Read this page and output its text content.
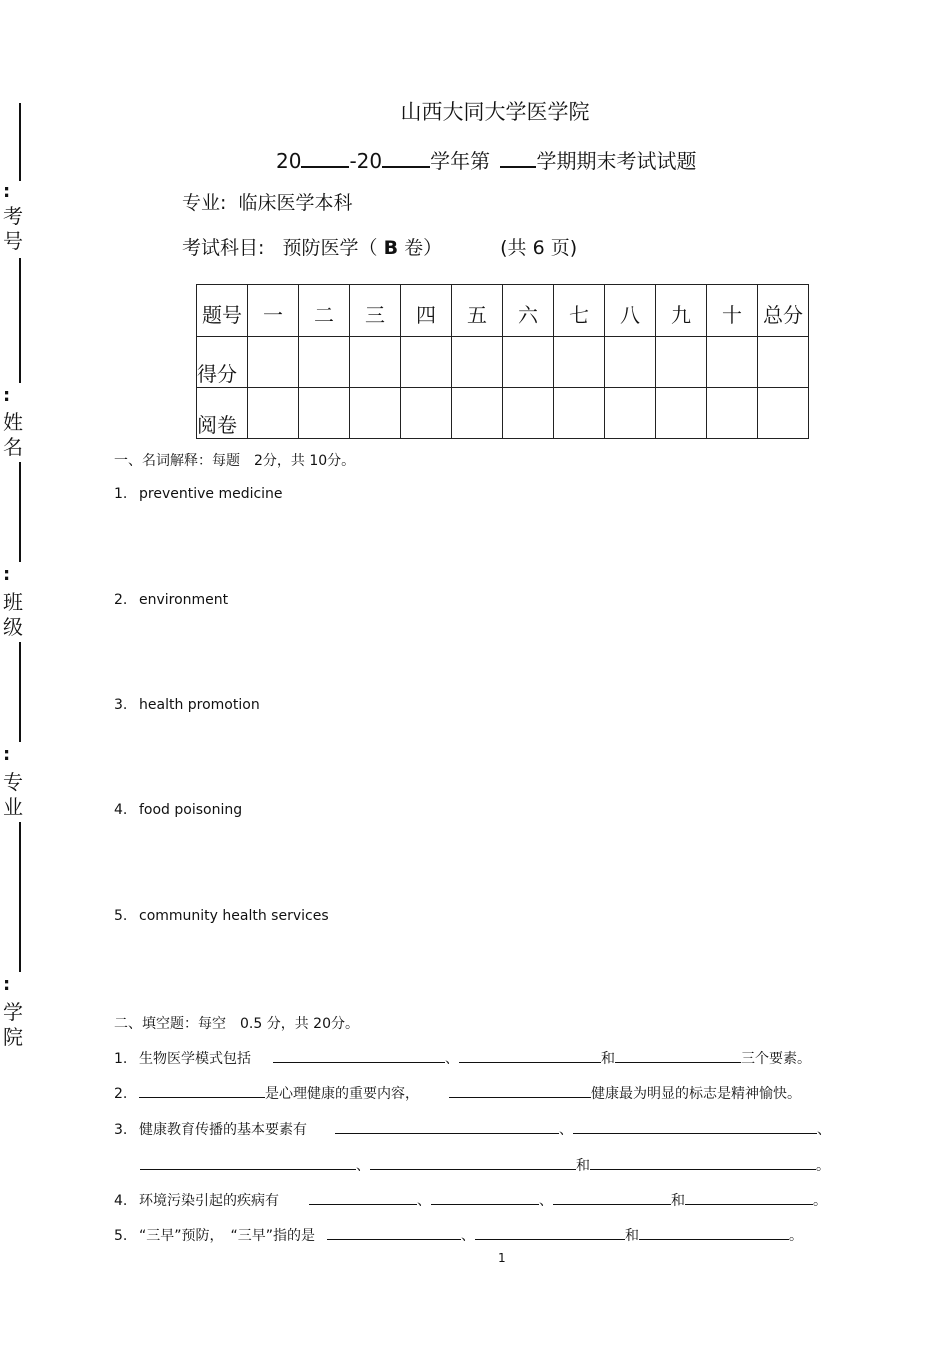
:
考号
:
姓名
:
班级
:
专业
:
学院
山西大同大学医学院
20 -20 学年第 学期期末考试试题
专业: 临床医学本科
考试科目: 预防医学（ B 卷）	(共 6 页)
题号	一	二	三	四	五	六	七	八	九	十	总分
得分											
阅卷											
一、名词解释：每题　2分，共 10分。
1. preventive medicine
2. environment
3. health promotion
4. food poisoning
5. community health services
二、填空题：每空　0.5 分，共 20分。
1. 生物医学模式包括	、	和	三个要素。
2.	是心理健康的重要内容，	健康最为明显的标志是精神愉快。
3. 健康教育传播的基本要素有	、	、
、	和	。
4. 环境污染引起的疾病有	、	、	和	。
5. “三早”预防，　“三早”指的是	、	和	。
1
